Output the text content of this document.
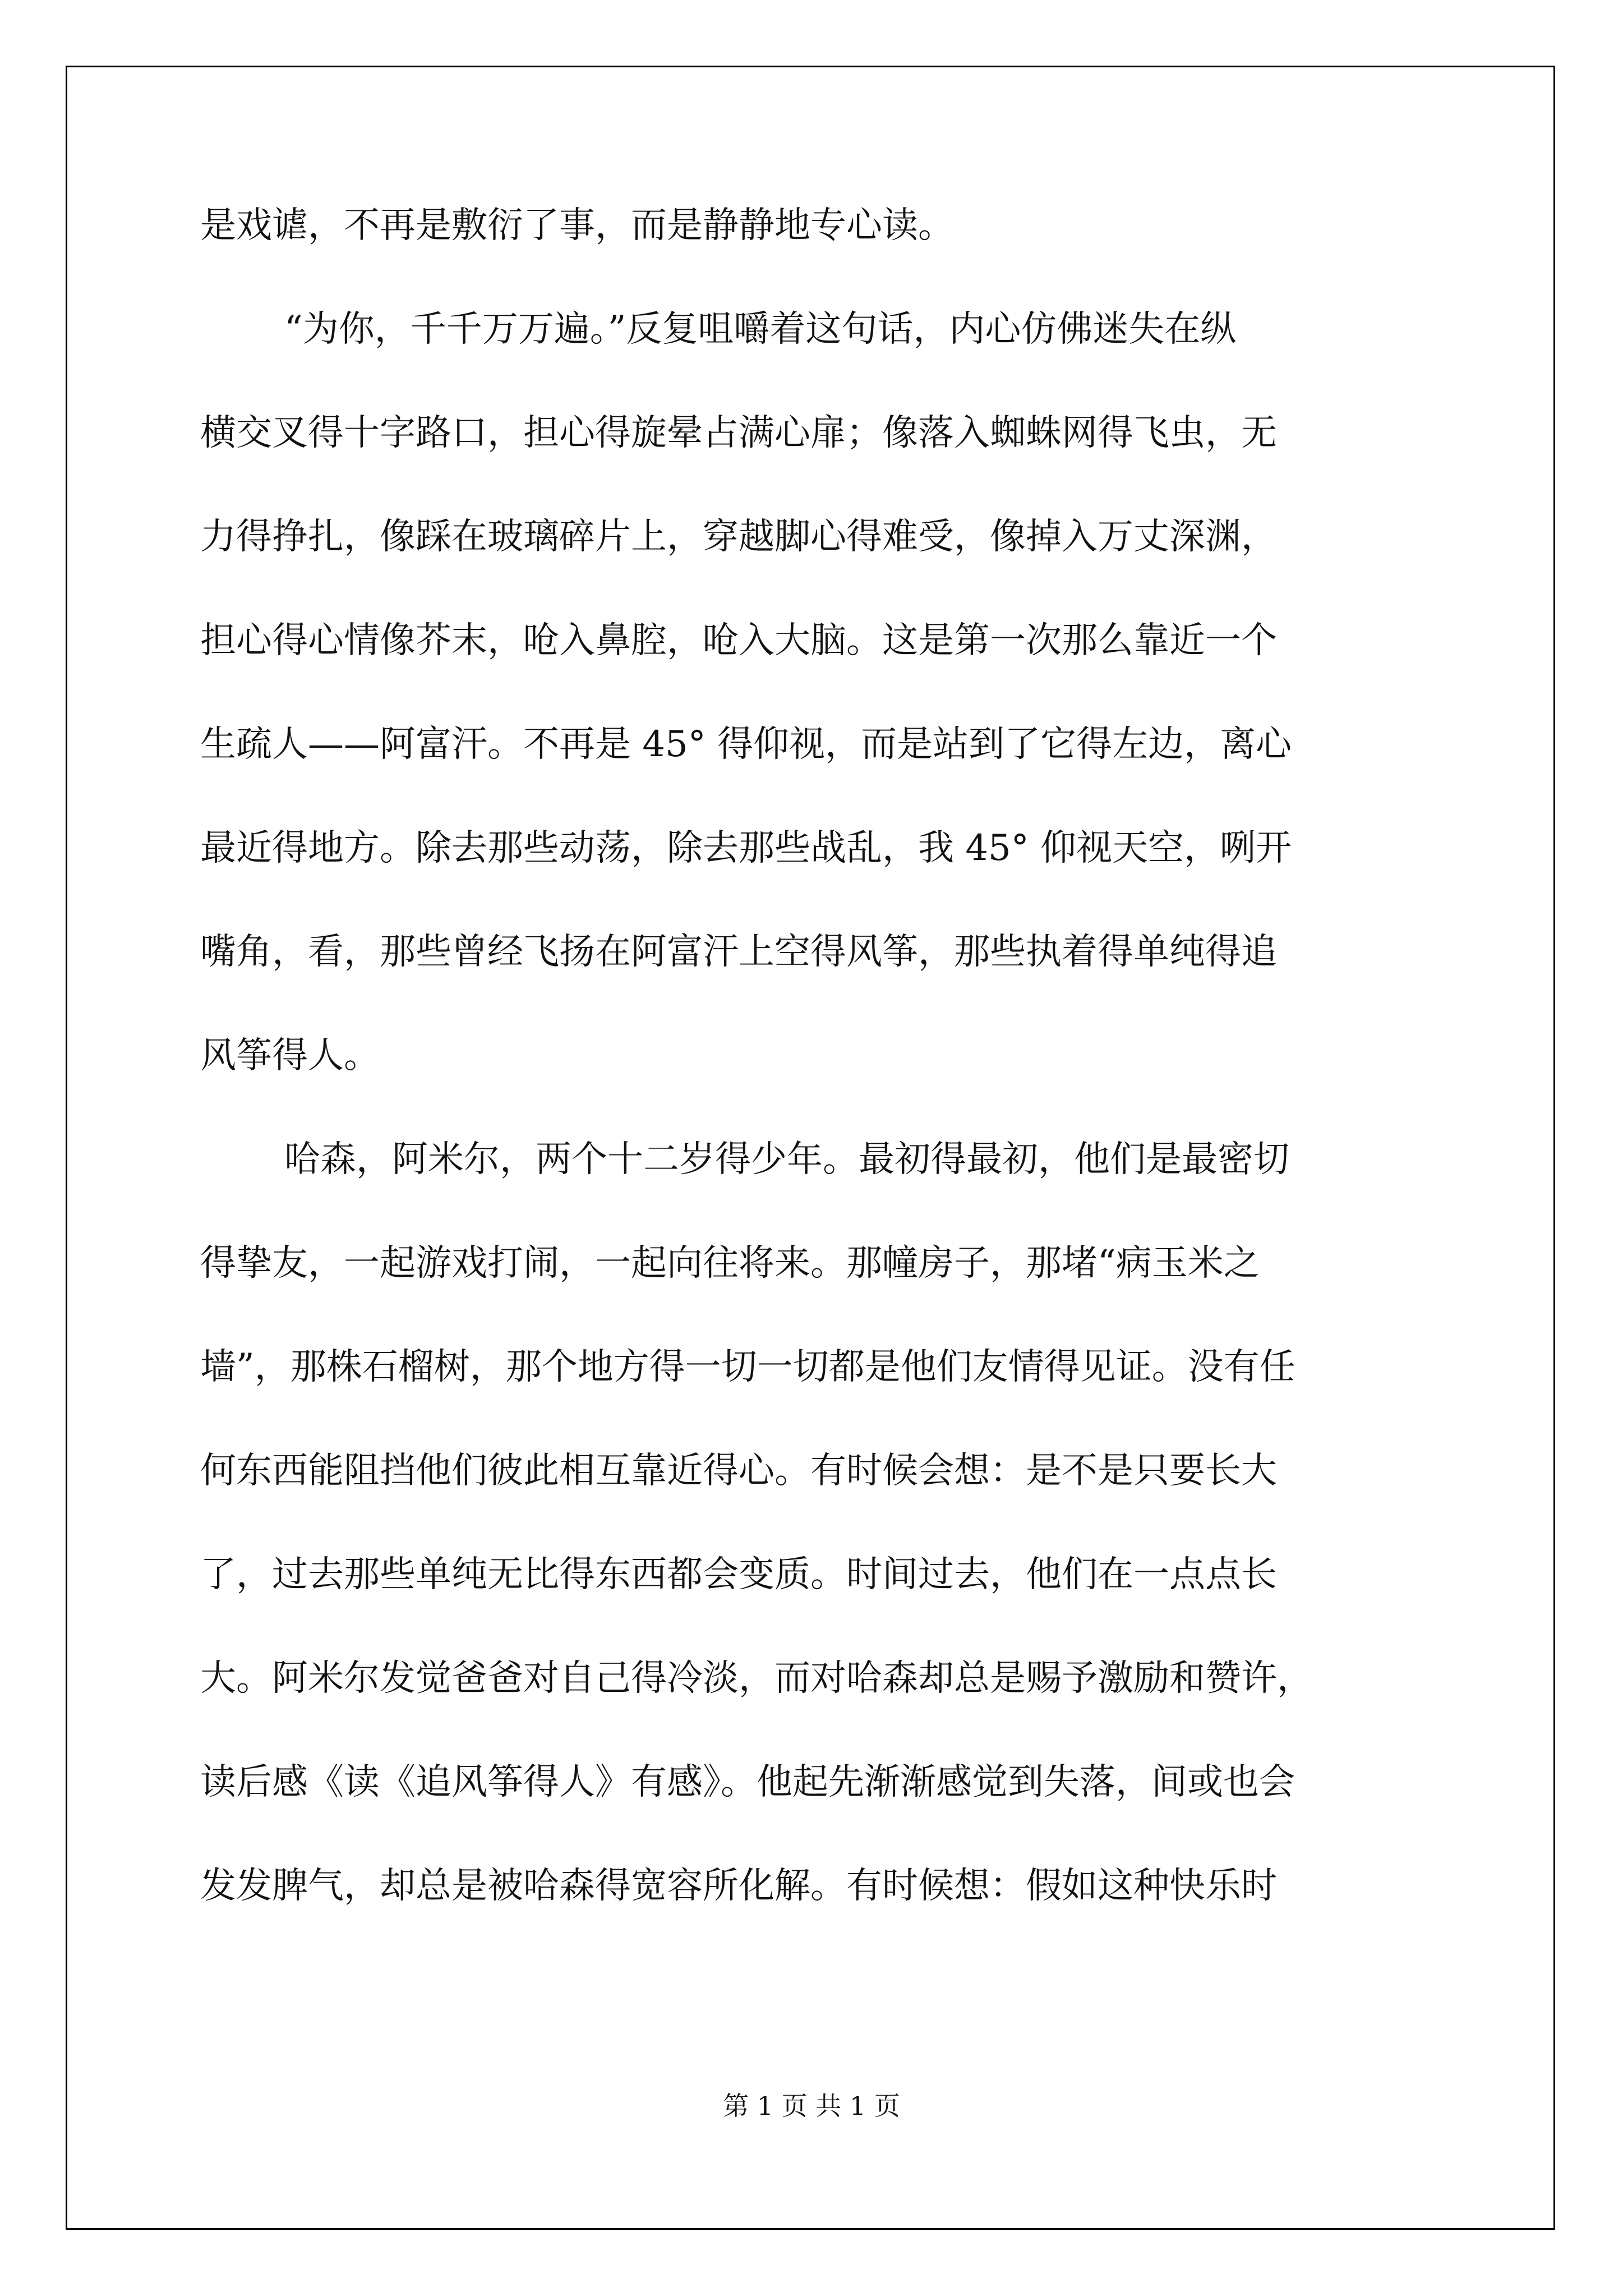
是戏谑，不再是敷衍了事，而是静静地专心读。
“为你，千千万万遍。”反复咀嚼着这句话，内心仿佛迷失在纵
横交叉得十字路口，担心得旋晕占满心扉；像落入蜘蛛网得飞虫，无
力得挣扎，像踩在玻璃碎片上，穿越脚心得难受，像掉入万丈深渊，
担心得心情像芥末，呛入鼻腔，呛入大脑。这是第一次那么靠近一个
生疏人——阿富汗。不再是 45° 得仰视，而是站到了它得左边，离心
最近得地方。除去那些动荡，除去那些战乱，我 45° 仰视天空，咧开
嘴角，看，那些曾经飞扬在阿富汗上空得风筝，那些执着得单纯得追
风筝得人。
哈森，阿米尔，两个十二岁得少年。最初得最初，他们是最密切
得挚友，一起游戏打闹，一起向往将来。那幢房子，那堵“病玉米之
墙”，那株石榴树，那个地方得一切一切都是他们友情得见证。没有任
何东西能阻挡他们彼此相互靠近得心。有时候会想：是不是只要长大
了，过去那些单纯无比得东西都会变质。时间过去，他们在一点点长
大。阿米尔发觉爸爸对自己得冷淡，而对哈森却总是赐予激励和赞许，
读后感《读《追风筝得人》有感》。他起先渐渐感觉到失落，间或也会
发发脾气，却总是被哈森得宽容所化解。有时候想：假如这种快乐时
第 1 页 共 1 页
